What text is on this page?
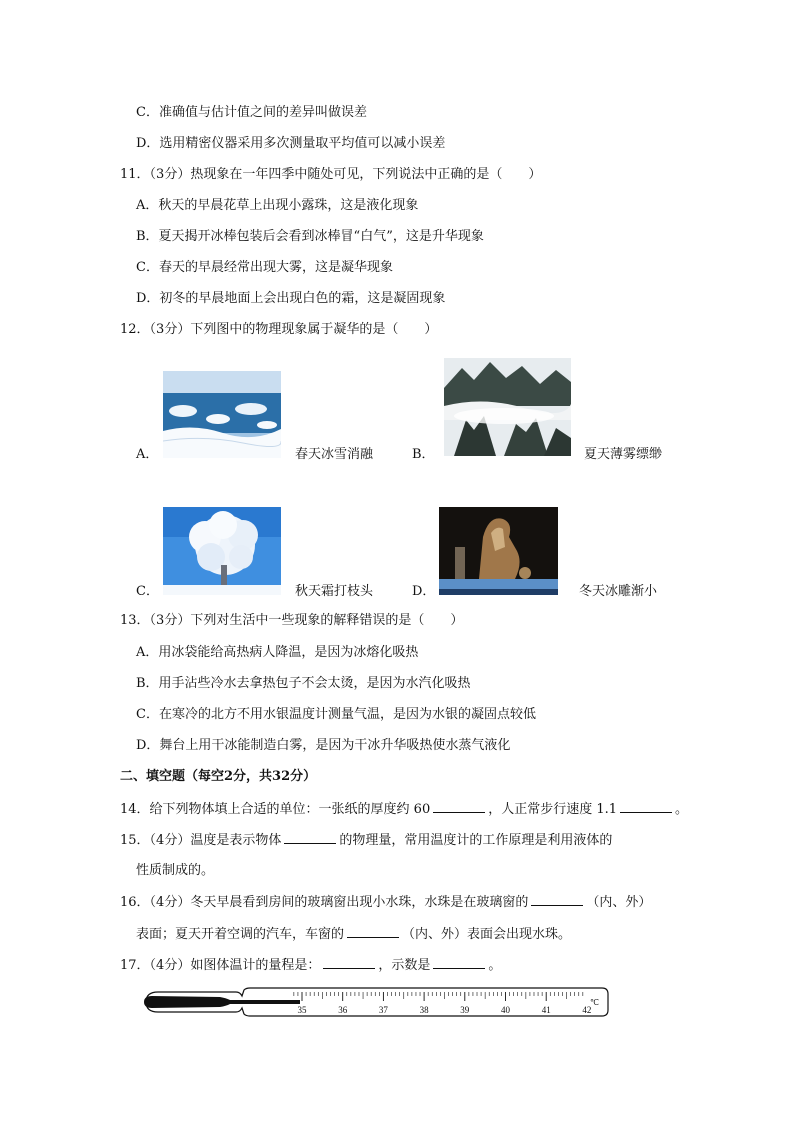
C．准确值与估计值之间的差异叫做误差
D．选用精密仪器采用多次测量取平均值可以减小误差
11．（3分）热现象在一年四季中随处可见，下列说法中正确的是（　　）
A．秋天的早晨花草上出现小露珠，这是液化现象
B．夏天揭开冰棒包装后会看到冰棒冒“白气”，这是升华现象
C．春天的早晨经常出现大雾，这是凝华现象
D．初冬的早晨地面上会出现白色的霜，这是凝固现象
12．（3分）下列图中的物理现象属于凝华的是（　　）
A．	春天冰雪消融	B．	夏天薄雾缥缈
C．	秋天霜打枝头	D．	冬天冰雕渐小
13．（3分）下列对生活中一些现象的解释错误的是（　　）
A．用冰袋能给高热病人降温，是因为冰熔化吸热
B．用手沾些冷水去拿热包子不会太烫，是因为水汽化吸热
C．在寒冷的北方不用水银温度计测量气温，是因为水银的凝固点较低
D．舞台上用干冰能制造白雾，是因为干冰升华吸热使水蒸气液化
二、填空题（每空2分，共32分）
14．给下列物体填上合适的单位：一张纸的厚度约 60	，人正常步行速度 1.1	。
15．（4分）温度是表示物体	的物理量，常用温度计的工作原理是利用液体的
性质制成的。
16．（4分）冬天早晨看到房间的玻璃窗出现小水珠，水珠是在玻璃窗的	（内、外）
表面；夏天开着空调的汽车，车窗的	（内、外）表面会出现水珠。
17．（4分）如图体温计的量程是：	，示数是	。
35	36	37	38	39	40	41	42
℃
